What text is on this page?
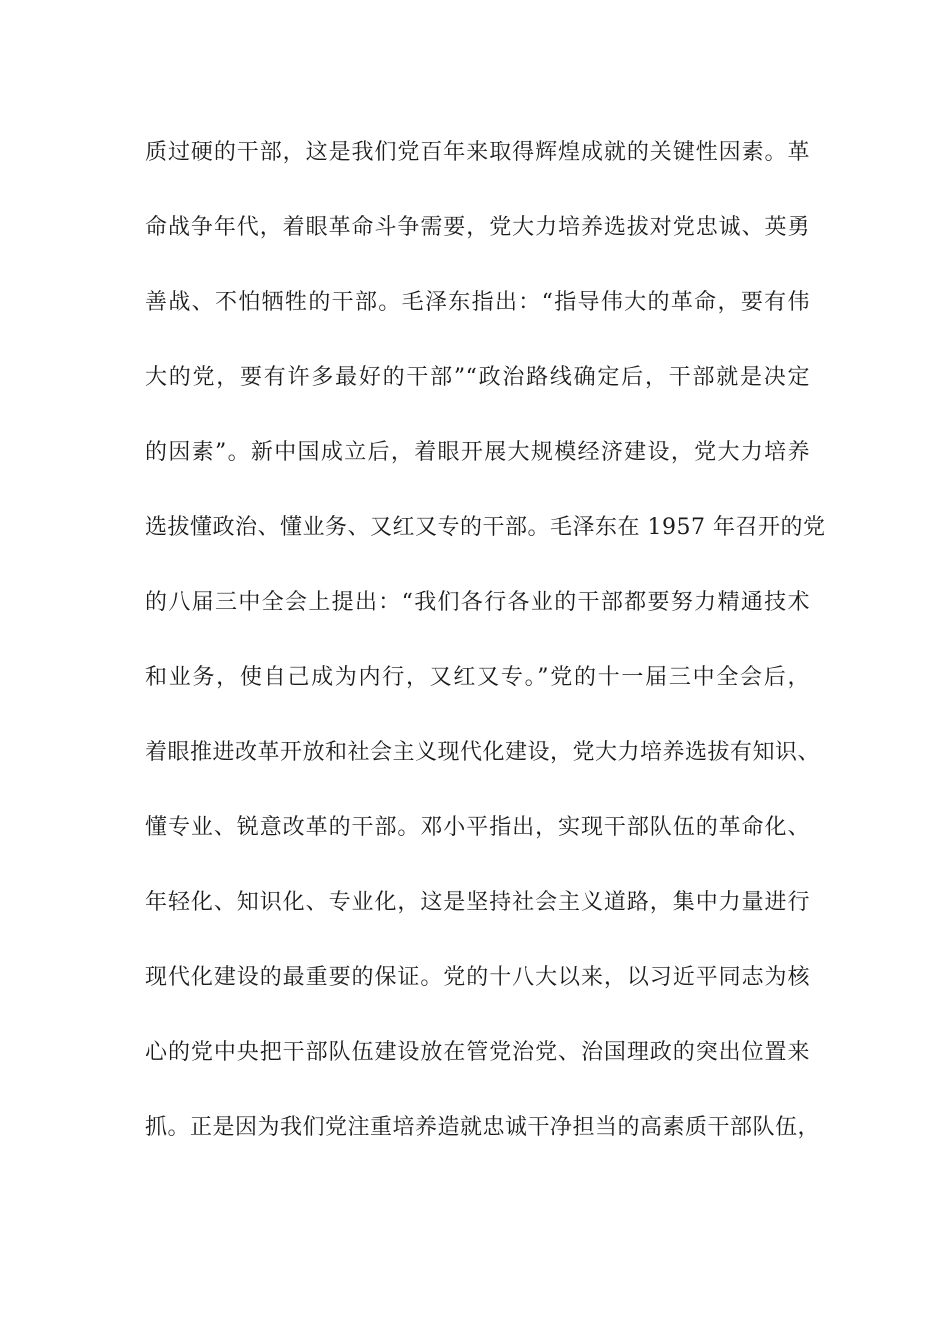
质过硬的干部，这是我们党百年来取得辉煌成就的关键性因素。革
命战争年代，着眼革命斗争需要，党大力培养选拔对党忠诚、英勇
善战、不怕牺牲的干部。毛泽东指出：“指导伟大的革命，要有伟
大的党，要有许多最好的干部”“政治路线确定后，干部就是决定
的因素”。新中国成立后，着眼开展大规模经济建设，党大力培养
选拔懂政治、懂业务、又红又专的干部。毛泽东在 1957 年召开的党
的八届三中全会上提出：“我们各行各业的干部都要努力精通技术
和业务，使自己成为内行，又红又专。”党的十一届三中全会后，
着眼推进改革开放和社会主义现代化建设，党大力培养选拔有知识、
懂专业、锐意改革的干部。邓小平指出，实现干部队伍的革命化、
年轻化、知识化、专业化，这是坚持社会主义道路，集中力量进行
现代化建设的最重要的保证。党的十八大以来，以习近平同志为核
心的党中央把干部队伍建设放在管党治党、治国理政的突出位置来
抓。正是因为我们党注重培养造就忠诚干净担当的高素质干部队伍，
